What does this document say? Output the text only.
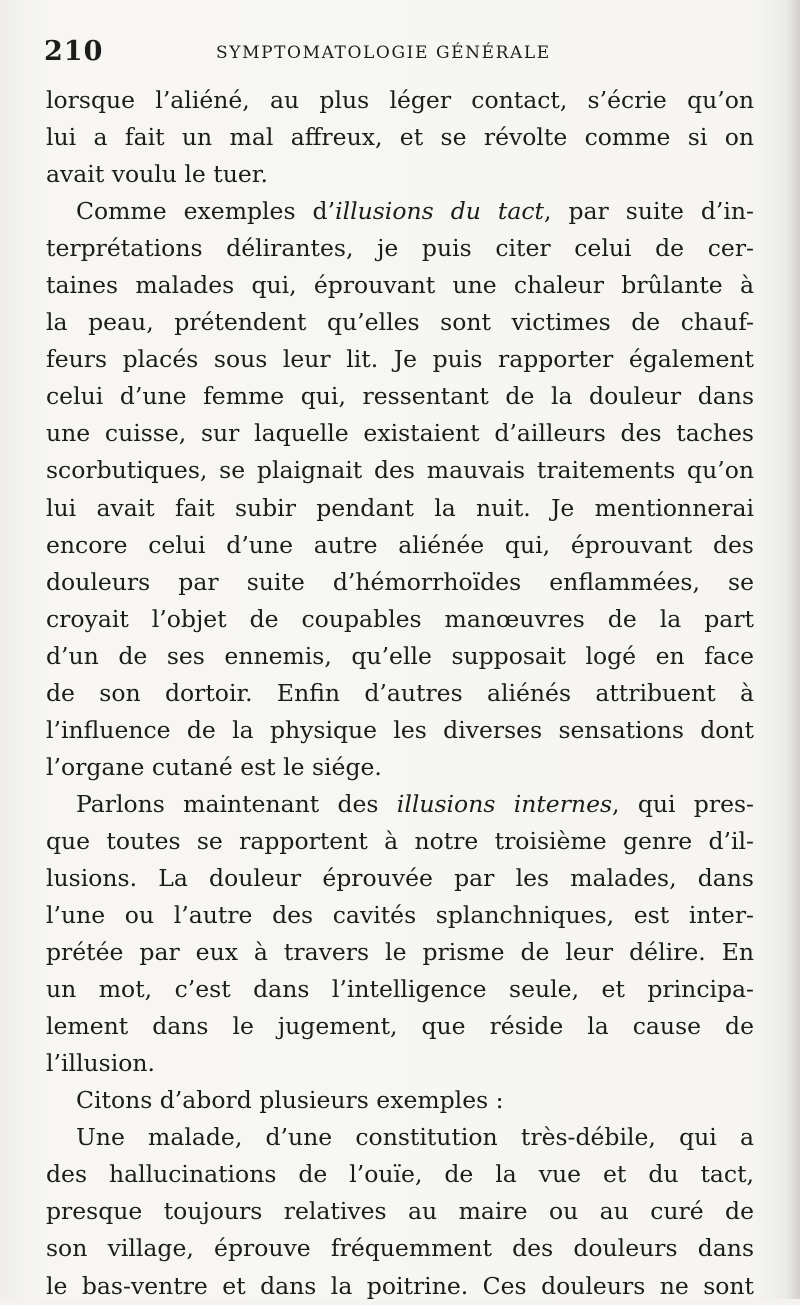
210	SYMPTOMATOLOGIE GÉNÉRALE
lorsque l’aliéné, au plus léger contact, s’écrie qu’on
lui a fait un mal affreux, et se révolte comme si on
avait voulu le tuer.
Comme exemples d’illusions du tact, par suite d’in-
terprétations délirantes, je puis citer celui de cer-
taines malades qui, éprouvant une chaleur brûlante à
la peau, prétendent qu’elles sont victimes de chauf-
feurs placés sous leur lit. Je puis rapporter également
celui d’une femme qui, ressentant de la douleur dans
une cuisse, sur laquelle existaient d’ailleurs des taches
scorbutiques, se plaignait des mauvais traitements qu’on
lui avait fait subir pendant la nuit. Je mentionnerai
encore celui d’une autre aliénée qui, éprouvant des
douleurs par suite d’hémorrhoïdes enflammées, se
croyait l’objet de coupables manœuvres de la part
d’un de ses ennemis, qu’elle supposait logé en face
de son dortoir. Enfin d’autres aliénés attribuent à
l’influence de la physique les diverses sensations dont
l’organe cutané est le siége.
Parlons maintenant des illusions internes, qui pres-
que toutes se rapportent à notre troisième genre d’il-
lusions. La douleur éprouvée par les malades, dans
l’une ou l’autre des cavités splanchniques, est inter-
prétée par eux à travers le prisme de leur délire. En
un mot, c’est dans l’intelligence seule, et principa-
lement dans le jugement, que réside la cause de
l’illusion.
Citons d’abord plusieurs exemples :
Une malade, d’une constitution très-débile, qui a
des hallucinations de l’ouïe, de la vue et du tact,
presque toujours relatives au maire ou au curé de
son village, éprouve fréquemment des douleurs dans
le bas-ventre et dans la poitrine. Ces douleurs ne sont
